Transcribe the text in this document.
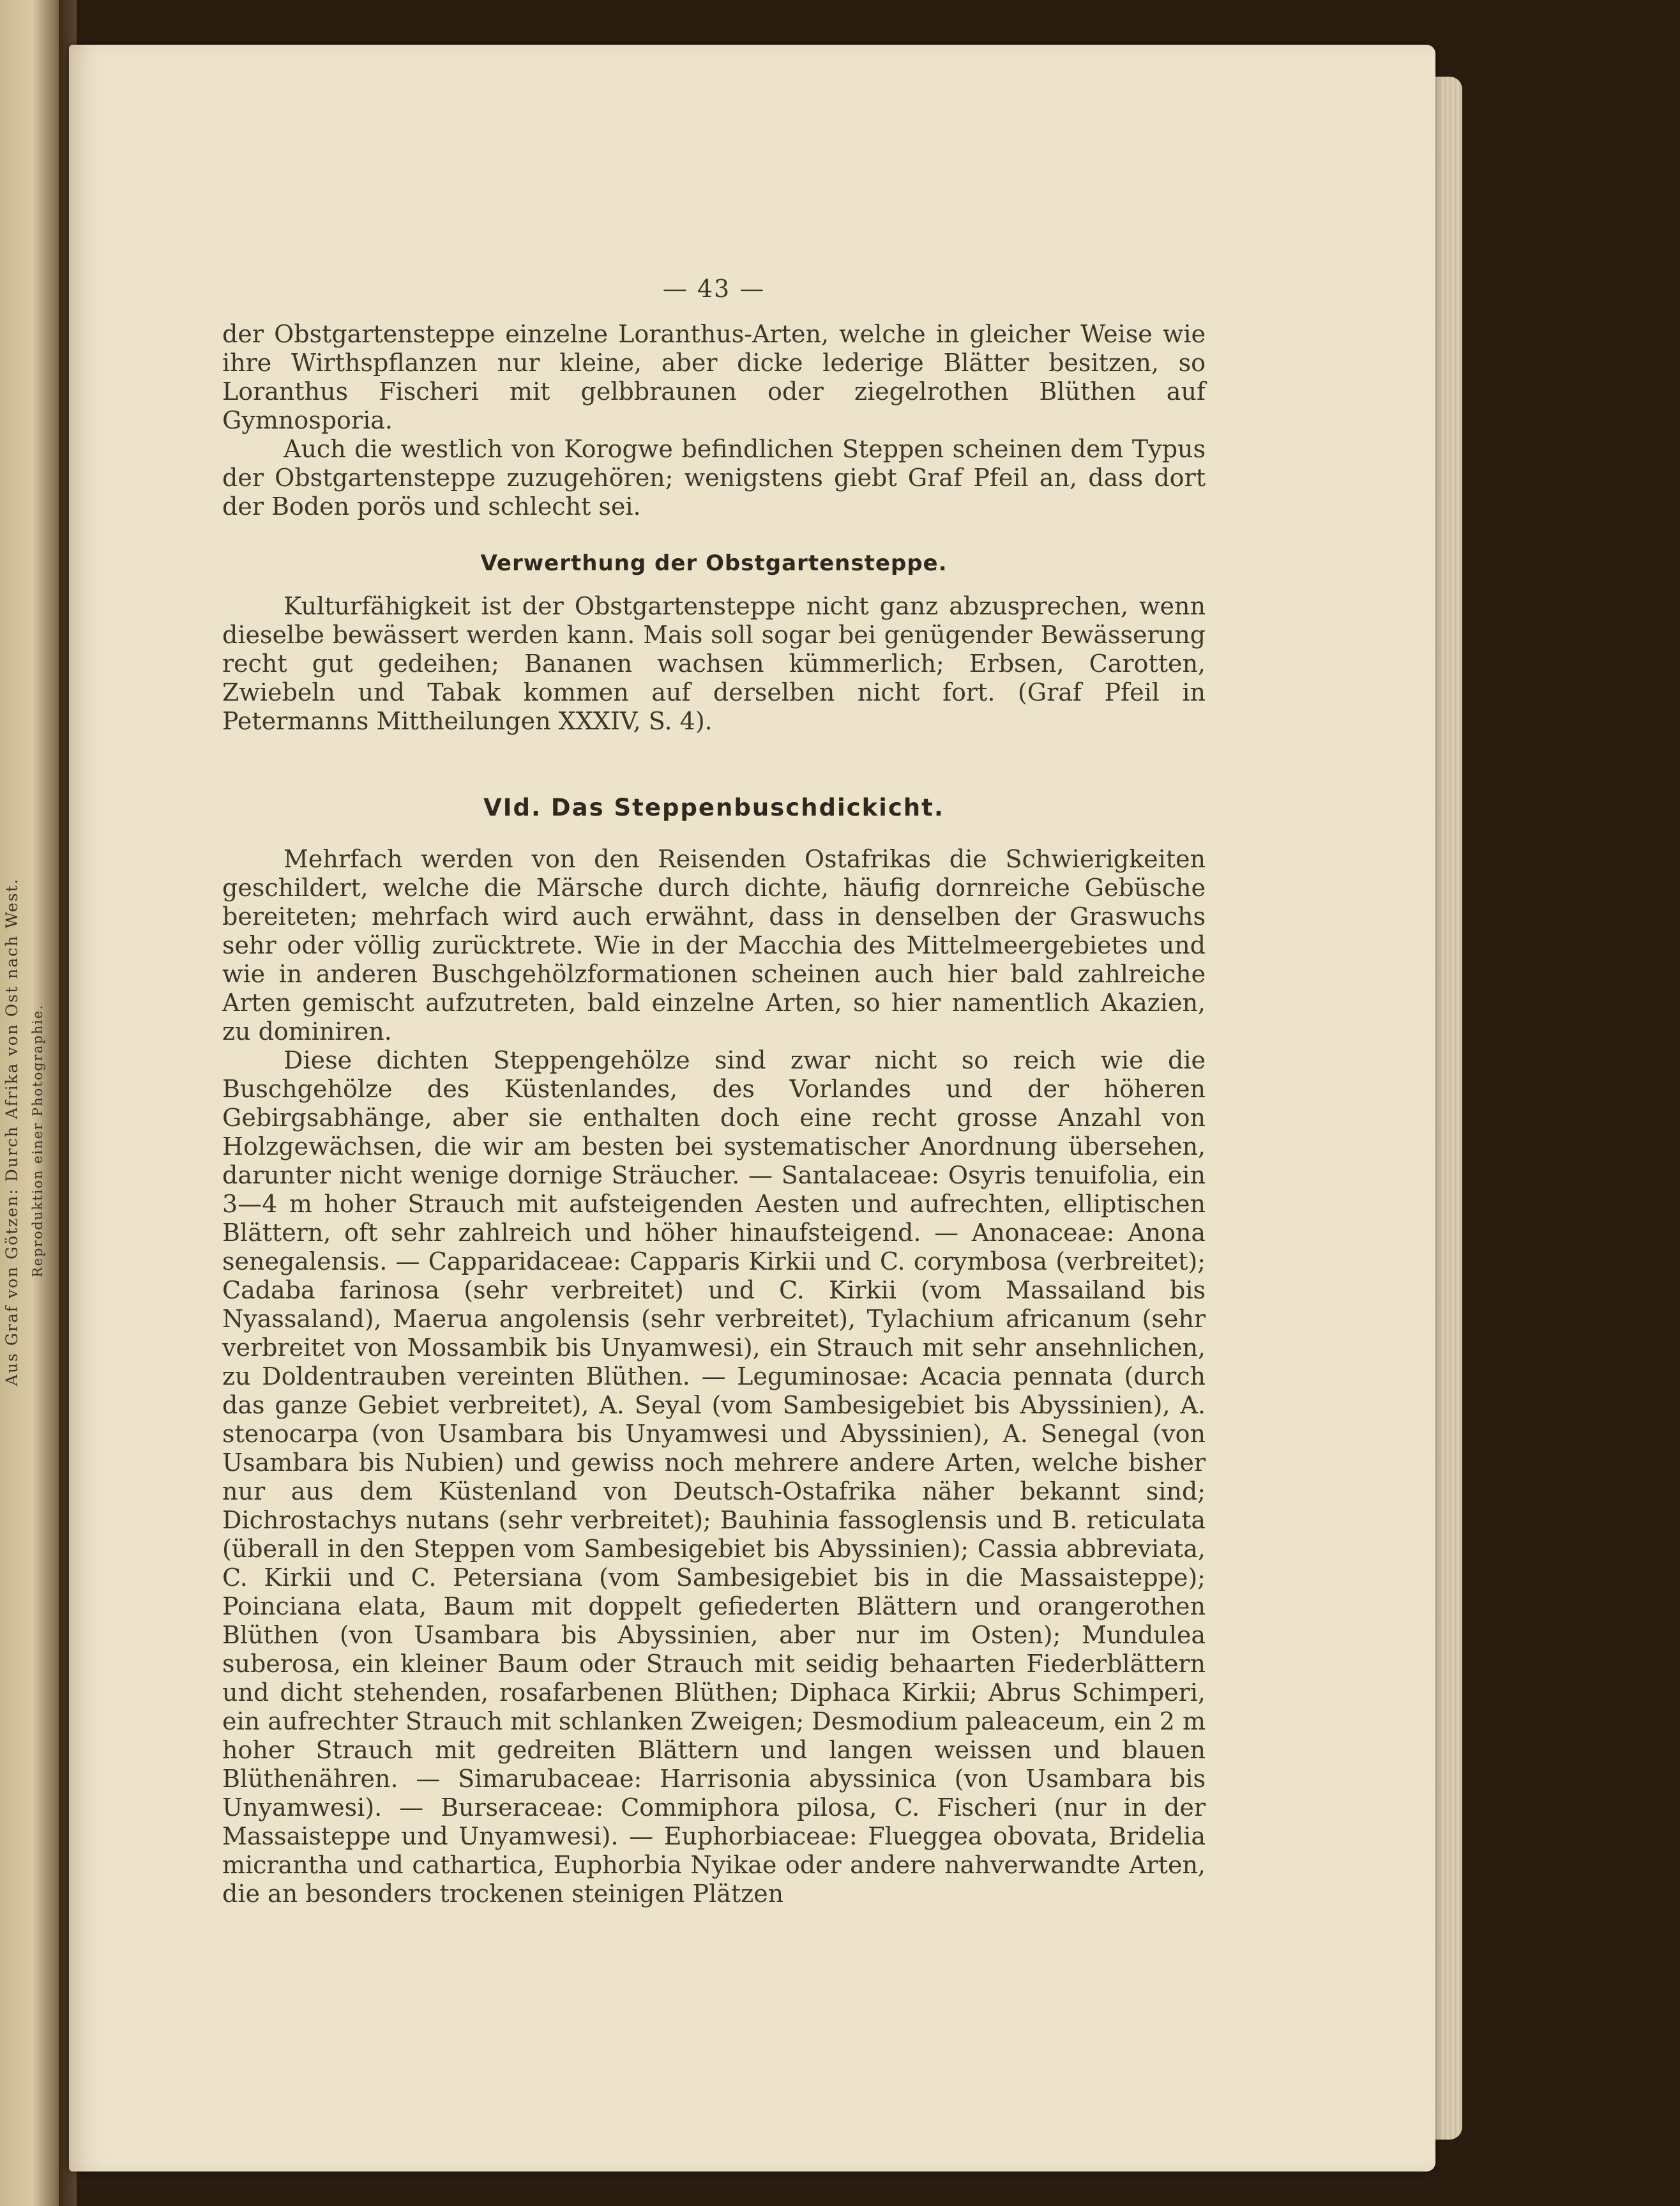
Aus Graf von Götzen: Durch Afrika von Ost nach West. Reproduktion einer Photographie.
— 43 —

der Obstgartensteppe einzelne Loranthus-Arten, welche in gleicher Weise wie ihre Wirthspflanzen nur kleine, aber dicke lederige Blätter besitzen, so Loranthus Fischeri mit gelbbraunen oder ziegelrothen Blüthen auf Gymnosporia.

Auch die westlich von Korogwe befindlichen Steppen scheinen dem Typus der Obstgartensteppe zuzugehören; wenigstens giebt Graf Pfeil an, dass dort der Boden porös und schlecht sei.

Verwerthung der Obstgartensteppe.

Kulturfähigkeit ist der Obstgartensteppe nicht ganz abzusprechen, wenn dieselbe bewässert werden kann. Mais soll sogar bei genügender Bewässerung recht gut gedeihen; Bananen wachsen kümmerlich; Erbsen, Carotten, Zwiebeln und Tabak kommen auf derselben nicht fort. (Graf Pfeil in Petermanns Mittheilungen XXXIV, S. 4).

VId. Das Steppenbuschdickicht.

Mehrfach werden von den Reisenden Ostafrikas die Schwierigkeiten geschildert, welche die Märsche durch dichte, häufig dornreiche Gebüsche bereiteten; mehrfach wird auch erwähnt, dass in denselben der Graswuchs sehr oder völlig zurücktrete. Wie in der Macchia des Mittelmeergebietes und wie in anderen Buschgehölzformationen scheinen auch hier bald zahlreiche Arten gemischt aufzutreten, bald einzelne Arten, so hier namentlich Akazien, zu dominiren.

Diese dichten Steppengehölze sind zwar nicht so reich wie die Buschgehölze des Küstenlandes, des Vorlandes und der höheren Gebirgsabhänge, aber sie enthalten doch eine recht grosse Anzahl von Holzgewächsen, die wir am besten bei systematischer Anordnung übersehen, darunter nicht wenige dornige Sträucher. — Santalaceae: Osyris tenuifolia, ein 3—4 m hoher Strauch mit aufsteigenden Aesten und aufrechten, elliptischen Blättern, oft sehr zahlreich und höher hinaufsteigend. — Anonaceae: Anona senegalensis. — Capparidaceae: Capparis Kirkii und C. corymbosa (verbreitet); Cadaba farinosa (sehr verbreitet) und C. Kirkii (vom Massailand bis Nyassaland), Maerua angolensis (sehr verbreitet), Tylachium africanum (sehr verbreitet von Mossambik bis Unyamwesi), ein Strauch mit sehr ansehnlichen, zu Doldentrauben vereinten Blüthen. — Leguminosae: Acacia pennata (durch das ganze Gebiet verbreitet), A. Seyal (vom Sambesigebiet bis Abyssinien), A. stenocarpa (von Usambara bis Unyamwesi und Abyssinien), A. Senegal (von Usambara bis Nubien) und gewiss noch mehrere andere Arten, welche bisher nur aus dem Küstenland von Deutsch-Ostafrika näher bekannt sind; Dichrostachys nutans (sehr verbreitet); Bauhinia fassoglensis und B. reticulata (überall in den Steppen vom Sambesigebiet bis Abyssinien); Cassia abbreviata, C. Kirkii und C. Petersiana (vom Sambesigebiet bis in die Massaisteppe); Poinciana elata, Baum mit doppelt gefiederten Blättern und orangerothen Blüthen (von Usambara bis Abyssinien, aber nur im Osten); Mundulea suberosa, ein kleiner Baum oder Strauch mit seidig behaarten Fiederblättern und dicht stehenden, rosafarbenen Blüthen; Diphaca Kirkii; Abrus Schimperi, ein aufrechter Strauch mit schlanken Zweigen; Desmodium paleaceum, ein 2 m hoher Strauch mit gedreiten Blättern und langen weissen und blauen Blüthenähren. — Simarubaceae: Harrisonia abyssinica (von Usambara bis Unyamwesi). — Burseraceae: Commiphora pilosa, C. Fischeri (nur in der Massaisteppe und Unyamwesi). — Euphorbiaceae: Flueggea obovata, Bridelia micrantha und cathartica, Euphorbia Nyikae oder andere nahverwandte Arten, die an besonders trockenen steinigen Plätzen
